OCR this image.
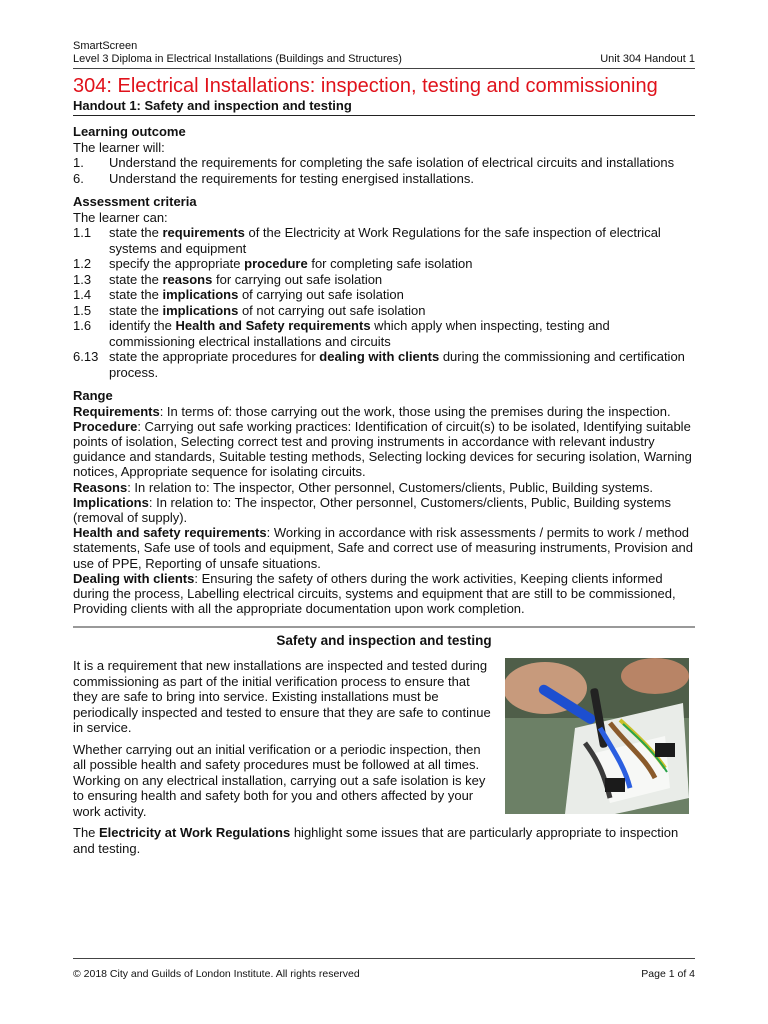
SmartScreen
Level 3 Diploma in Electrical Installations (Buildings and Structures)	Unit 304 Handout 1
304: Electrical Installations: inspection, testing and commissioning
Handout 1: Safety and inspection and testing
Learning outcome
The learner will:
1.	Understand the requirements for completing the safe isolation of electrical circuits and installations
6.	Understand the requirements for testing energised installations.
Assessment criteria
The learner can:
1.1	state the requirements of the Electricity at Work Regulations for the safe inspection of electrical systems and equipment
1.2	specify the appropriate procedure for completing safe isolation
1.3	state the reasons for carrying out safe isolation
1.4	state the implications of carrying out safe isolation
1.5	state the implications of not carrying out safe isolation
1.6	identify the Health and Safety requirements which apply when inspecting, testing and commissioning electrical installations and circuits
6.13 state the appropriate procedures for dealing with clients during the commissioning and certification process.
Range
Requirements: In terms of: those carrying out the work, those using the premises during the inspection.
Procedure: Carrying out safe working practices: Identification of circuit(s) to be isolated, Identifying suitable points of isolation, Selecting correct test and proving instruments in accordance with relevant industry guidance and standards, Suitable testing methods, Selecting locking devices for securing isolation, Warning notices, Appropriate sequence for isolating circuits.
Reasons: In relation to: The inspector, Other personnel, Customers/clients, Public, Building systems.
Implications: In relation to: The inspector, Other personnel, Customers/clients, Public, Building systems (removal of supply).
Health and safety requirements: Working in accordance with risk assessments / permits to work / method statements, Safe use of tools and equipment, Safe and correct use of measuring instruments, Provision and use of PPE, Reporting of unsafe situations.
Dealing with clients: Ensuring the safety of others during the work activities, Keeping clients informed during the process, Labelling electrical circuits, systems and equipment that are still to be commissioned, Providing clients with all the appropriate documentation upon work completion.
Safety and inspection and testing

It is a requirement that new installations are inspected and tested during commissioning as part of the initial verification process to ensure that they are safe to bring into service. Existing installations must be periodically inspected and tested to ensure that they are safe to continue in service.

Whether carrying out an initial verification or a periodic inspection, then all possible health and safety procedures must be followed at all times. Working on any electrical installation, carrying out a safe isolation is key to ensuring health and safety both for you and others affected by your work activity.

The Electricity at Work Regulations highlight some issues that are particularly appropriate to inspection and testing.

© 2018 City and Guilds of London Institute. All rights reserved	Page 1 of 4
